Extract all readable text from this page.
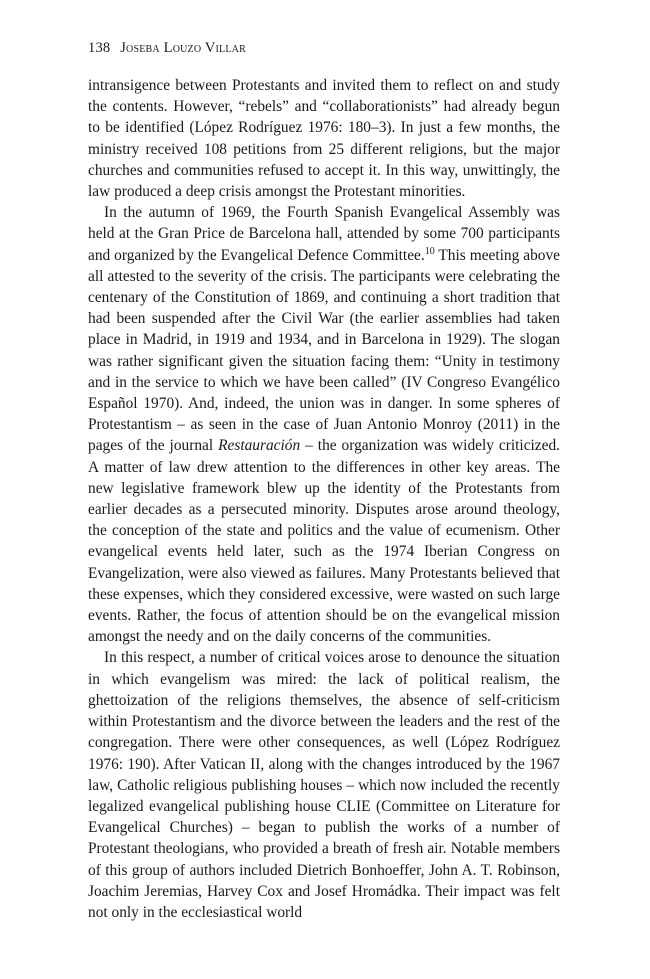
138 Joseba Louzo Villar

intransigence between Protestants and invited them to reflect on and study the contents. However, “rebels” and “collaborationists” had already begun to be identified (López Rodríguez 1976: 180–3). In just a few months, the ministry received 108 petitions from 25 different religions, but the major churches and communities refused to accept it. In this way, unwittingly, the law produced a deep crisis amongst the Protestant minorities.

In the autumn of 1969, the Fourth Spanish Evangelical Assembly was held at the Gran Price de Barcelona hall, attended by some 700 participants and organized by the Evangelical Defence Committee.$^{10}$ This meeting above all attested to the severity of the crisis. The participants were celebrating the centenary of the Constitution of 1869, and continuing a short tradition that had been suspended after the Civil War (the earlier assemblies had taken place in Madrid, in 1919 and 1934, and in Barcelona in 1929). The slogan was rather significant given the situation facing them: “Unity in testimony and in the service to which we have been called” (IV Congreso Evangélico Español 1970). And, indeed, the union was in danger. In some spheres of Protestantism – as seen in the case of Juan Antonio Monroy (2011) in the pages of the journal Restauración – the organization was widely criticized. A matter of law drew attention to the differences in other key areas. The new legislative framework blew up the identity of the Protestants from earlier decades as a persecuted minority. Disputes arose around theology, the conception of the state and politics and the value of ecumenism. Other evangelical events held later, such as the 1974 Iberian Congress on Evangelization, were also viewed as failures. Many Protestants believed that these expenses, which they considered excessive, were wasted on such large events. Rather, the focus of attention should be on the evangelical mission amongst the needy and on the daily concerns of the communities.

In this respect, a number of critical voices arose to denounce the situation in which evangelism was mired: the lack of political realism, the ghettoization of the religions themselves, the absence of self-criticism within Protestantism and the divorce between the leaders and the rest of the congregation. There were other consequences, as well (López Rodríguez 1976: 190). After Vatican II, along with the changes introduced by the 1967 law, Catholic religious publishing houses – which now included the recently legalized evangelical publishing house CLIE (Committee on Literature for Evangelical Churches) – began to publish the works of a number of Protestant theologians, who provided a breath of fresh air. Notable members of this group of authors included Dietrich Bonhoeffer, John A. T. Robinson, Joachim Jeremias, Harvey Cox and Josef Hromádka. Their impact was felt not only in the ecclesiastical world
